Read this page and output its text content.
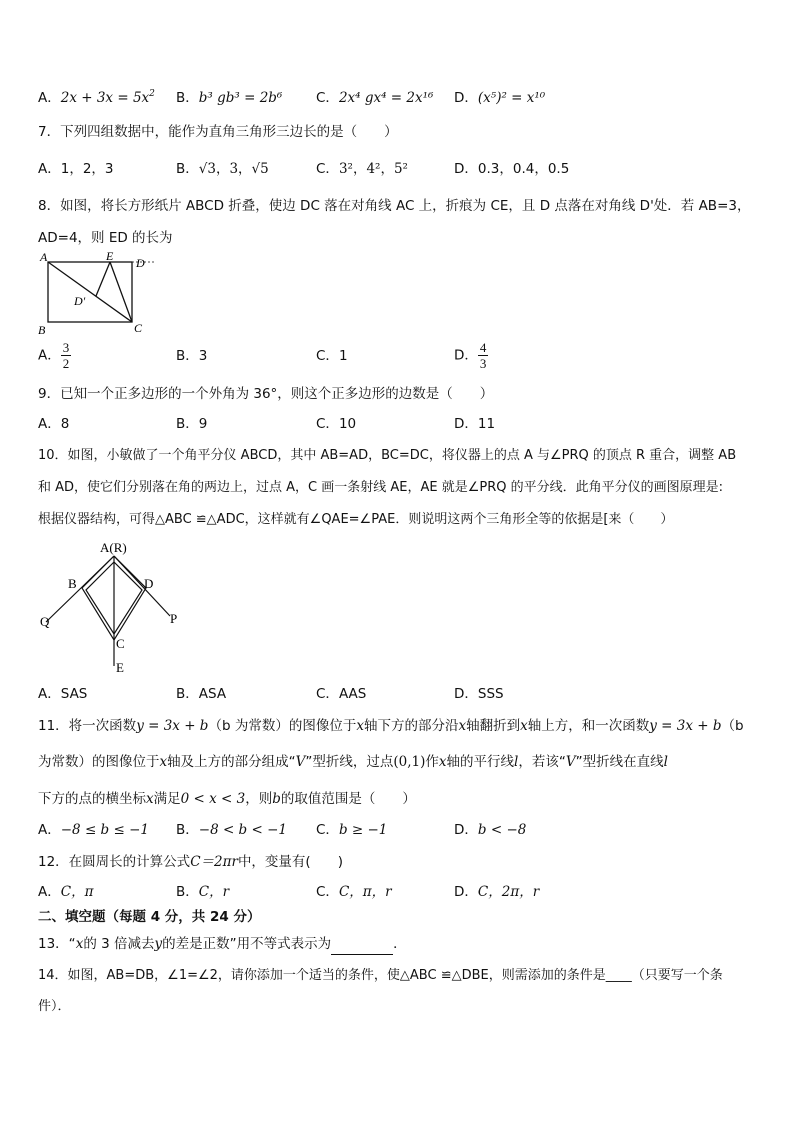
A．$2x + 3x = 5x^2$ B．b³ gb³ = 2b⁶ C．2x⁴ gx⁴ = 2x¹⁶ D．(x⁵)² = x¹⁰
7．下列四组数据中，能作为直角三角形三边长的是（　　）
A．1，2，3	B．√3，3，√5	C．3²，4²，5²	D．0.3，0.4，0.5
8．如图，将长方形纸片 ABCD 折叠，使边 DC 落在对角线 AC 上，折痕为 CE，且 D 点落在对角线 D'处．若 AB=3，
AD=4，则 ED 的长为
A	E D
D'
B	C
A． $\frac{3}{2}$	B．3	C．1	D． $\frac{4}{3}$
9．已知一个正多边形的一个外角为 36°，则这个正多边形的边数是（　　）
A．8	B．9	C．10	D．11
10．如图，小敏做了一个角平分仪 ABCD，其中 AB=AD，BC=DC，将仪器上的点 A 与∠PRQ 的顶点 R 重合，调整 AB
和 AD，使它们分别落在角的两边上，过点 A，C 画一条射线 AE，AE 就是∠PRQ 的平分线．此角平分仪的画图原理是:
根据仪器结构，可得△ABC ≌△ADC，这样就有∠QAE=∠PAE．则说明这两个三角形全等的依据是[来（　　）
A(R)
B	D
Q	P
C
E
A．SAS	B．ASA	C．AAS	D．SSS
11．将一次函数y = 3x + b（b 为常数）的图像位于x轴下方的部分沿x轴翻折到x轴上方，和一次函数y = 3x + b（b
为常数）的图像位于x轴及上方的部分组成“V”型折线，过点(0,1)作x轴的平行线l，若该“V”型折线在直线l
下方的点的横坐标x满足0 < x < 3，则b的取值范围是（　　）
A．−8 ≤ b ≤ −1 B．−8 < b < −1 C．b ≥ −1	D．b < −8
12．在圆周长的计算公式C＝2πr中，变量有(　　)
A．C，π	B．C，r	C．C，π，r	D．C，2π，r
二、填空题（每题 4 分，共 24 分）
13．“x的 3 倍减去y的差是正数”用不等式表示为	．
14．如图，AB=DB，∠1=∠2，请你添加一个适当的条件，使△ABC ≌△DBE，则需添加的条件是____（只要写一个条
件）．
